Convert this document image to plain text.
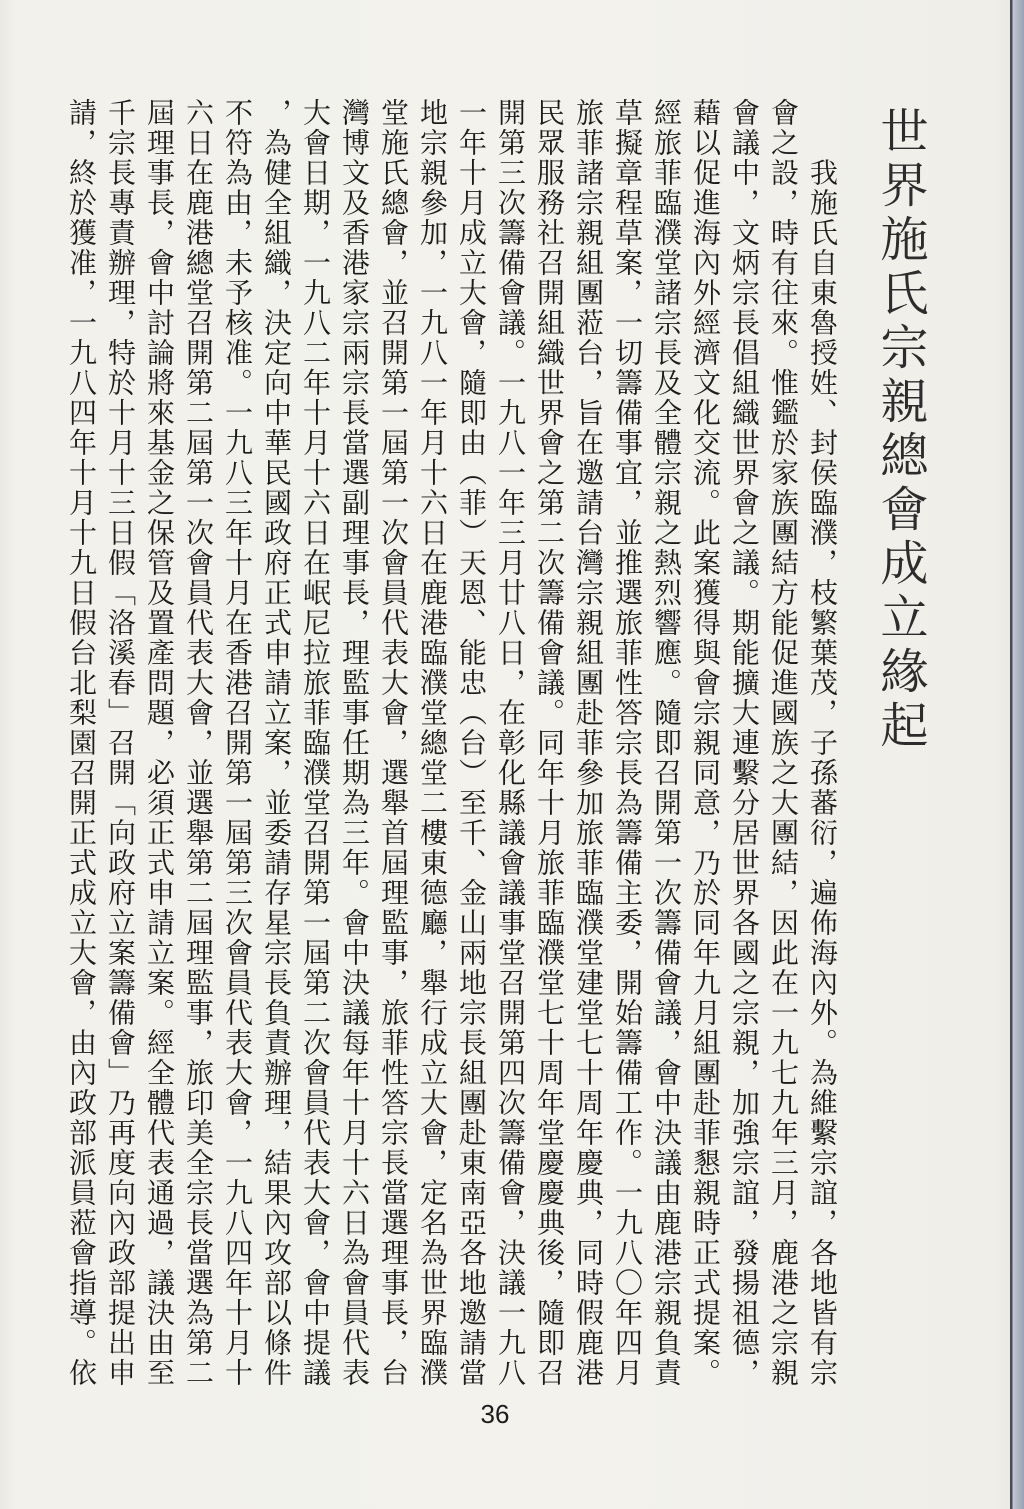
世界施氏宗親總會成立緣起
我施氏自東魯授姓、封侯臨濮，枝繁葉茂，子孫蕃衍，遍佈海內外。為維繫宗誼，各地皆有宗
會之設，時有往來。惟鑑於家族團結方能促進國族之大團結，因此在一九七九年三月，鹿港之宗親
會議中，文炳宗長倡組織世界會之議。期能擴大連繫分居世界各國之宗親，加強宗誼，發揚祖德，
藉以促進海內外經濟文化交流。此案獲得與會宗親同意，乃於同年九月組團赴菲懇親時正式提案。
經旅菲臨濮堂諸宗長及全體宗親之熱烈響應。隨即召開第一次籌備會議，會中決議由鹿港宗親負責
草擬章程草案，一切籌備事宜，並推選旅菲性答宗長為籌備主委，開始籌備工作。一九八〇年四月
旅菲諸宗親組團蒞台，旨在邀請台灣宗親組團赴菲參加旅菲臨濮堂建堂七十周年慶典，同時假鹿港
民眾服務社召開組織世界會之第二次籌備會議。同年十月旅菲臨濮堂七十周年堂慶慶典後，隨即召
開第三次籌備會議。一九八一年三月廿八日，在彰化縣議會議事堂召開第四次籌備會，決議一九八
一年十月成立大會，隨即由（菲）天恩、能忠（台）至千、金山兩地宗長組團赴東南亞各地邀請當
地宗親參加，一九八一年月十六日在鹿港臨濮堂總堂二樓東德廳，舉行成立大會，定名為世界臨濮
堂施氏總會，並召開第一屆第一次會員代表大會，選舉首屆理監事，旅菲性答宗長當選理事長，台
灣博文及香港家宗兩宗長當選副理事長，理監事任期為三年。會中決議每年十月十六日為會員代表
大會日期，一九八二年十月十六日在岷尼拉旅菲臨濮堂召開第一屆第二次會員代表大會，會中提議
，為健全組織，決定向中華民國政府正式申請立案，並委請存星宗長負責辦理，結果內攻部以條件
不符為由，未予核准。一九八三年十月在香港召開第一屆第三次會員代表大會，一九八四年十月十
六日在鹿港總堂召開第二屆第一次會員代表大會，並選舉第二屆理監事，旅印美全宗長當選為第二
屆理事長，會中討論將來基金之保管及置產問題，必須正式申請立案。經全體代表通過，議決由至
千宗長專責辦理，特於十月十三日假「洛溪春」召開「向政府立案籌備會」乃再度向內政部提出申
請，終於獲准，一九八四年十月十九日假台北梨園召開正式成立大會，由內政部派員蒞會指導。依
36
